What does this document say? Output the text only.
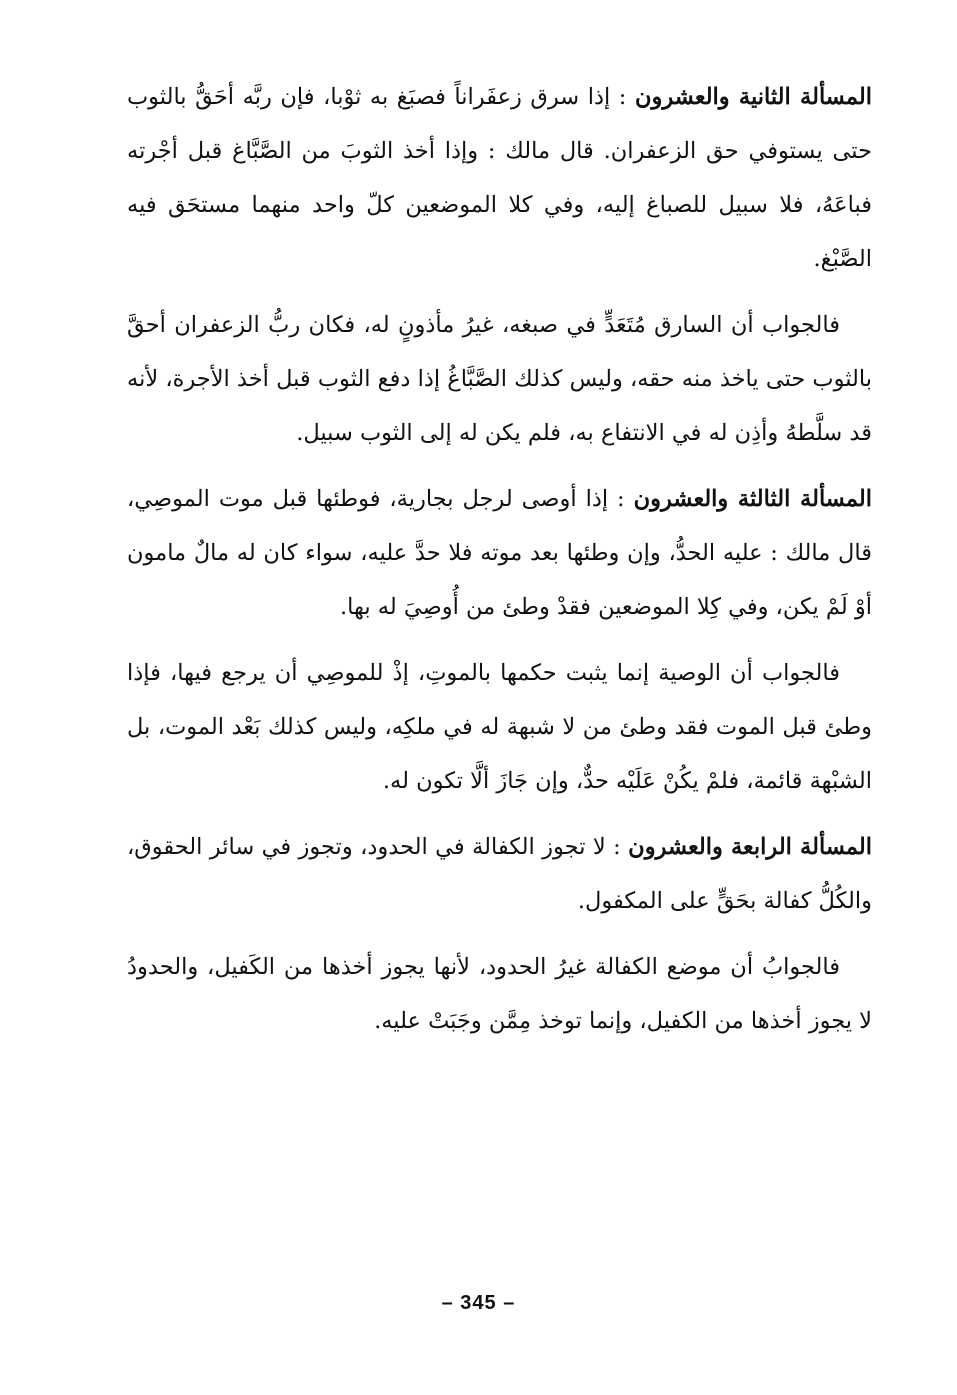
المسألة الثانية والعشرون : إذا سرق زعفَراناً فصبَغ به ثوْبا، فإن ربَّه أحَقُّ بالثوب حتى يستوفي حق الزعفران. قال مالك : وإذا أخذ الثوبَ من الصَّبَّاغ قبل أجْرته فباعَهُ، فلا سبيل للصباغ إليه، وفي كلا الموضعين كلّ واحد منهما مستحَق فيه الصَّبْغ.

فالجواب أن السارق مُتَعَدٍّ في صبغه، غيرُ مأذونٍ له، فكان ربُّ الزعفران أحقَّ بالثوب حتى ياخذ منه حقه، وليس كذلك الصَّبَّاغُ إذا دفع الثوب قبل أخذ الأجرة، لأنه قد سلَّطهُ وأذِن له في الانتفاع به، فلم يكن له إلى الثوب سبيل.

المسألة الثالثة والعشرون : إذا أوصى لرجل بجارية، فوطئها قبل موت الموصِي، قال مالك : عليه الحدُّ، وإن وطئها بعد موته فلا حدَّ عليه، سواء كان له مالٌ مامون أوْ لَمْ يكن، وفي كِلا الموضعين فقدْ وطئ من أُوصِيَ له بها.

فالجواب أن الوصية إنما يثبت حكمها بالموتِ، إذْ للموصِي أن يرجع فيها، فإذا وطئ قبل الموت فقد وطئ من لا شبهة له في ملكِه، وليس كذلك بَعْد الموت، بل الشبْهة قائمة، فلمْ يكُنْ عَلَيْه حدٌّ، وإن جَازَ ألَّا تكون له.

المسألة الرابعة والعشرون : لا تجوز الكفالة في الحدود، وتجوز في سائر الحقوق، والكُلُّ كفالة بحَقٍّ على المكفول.

فالجوابُ أن موضع الكفالة غيرُ الحدود، لأنها يجوز أخذها من الكَفيل، والحدودُ لا يجوز أخذها من الكفيل، وإنما توخذ مِمَّن وجَبَتْ عليه.

– 345 –
